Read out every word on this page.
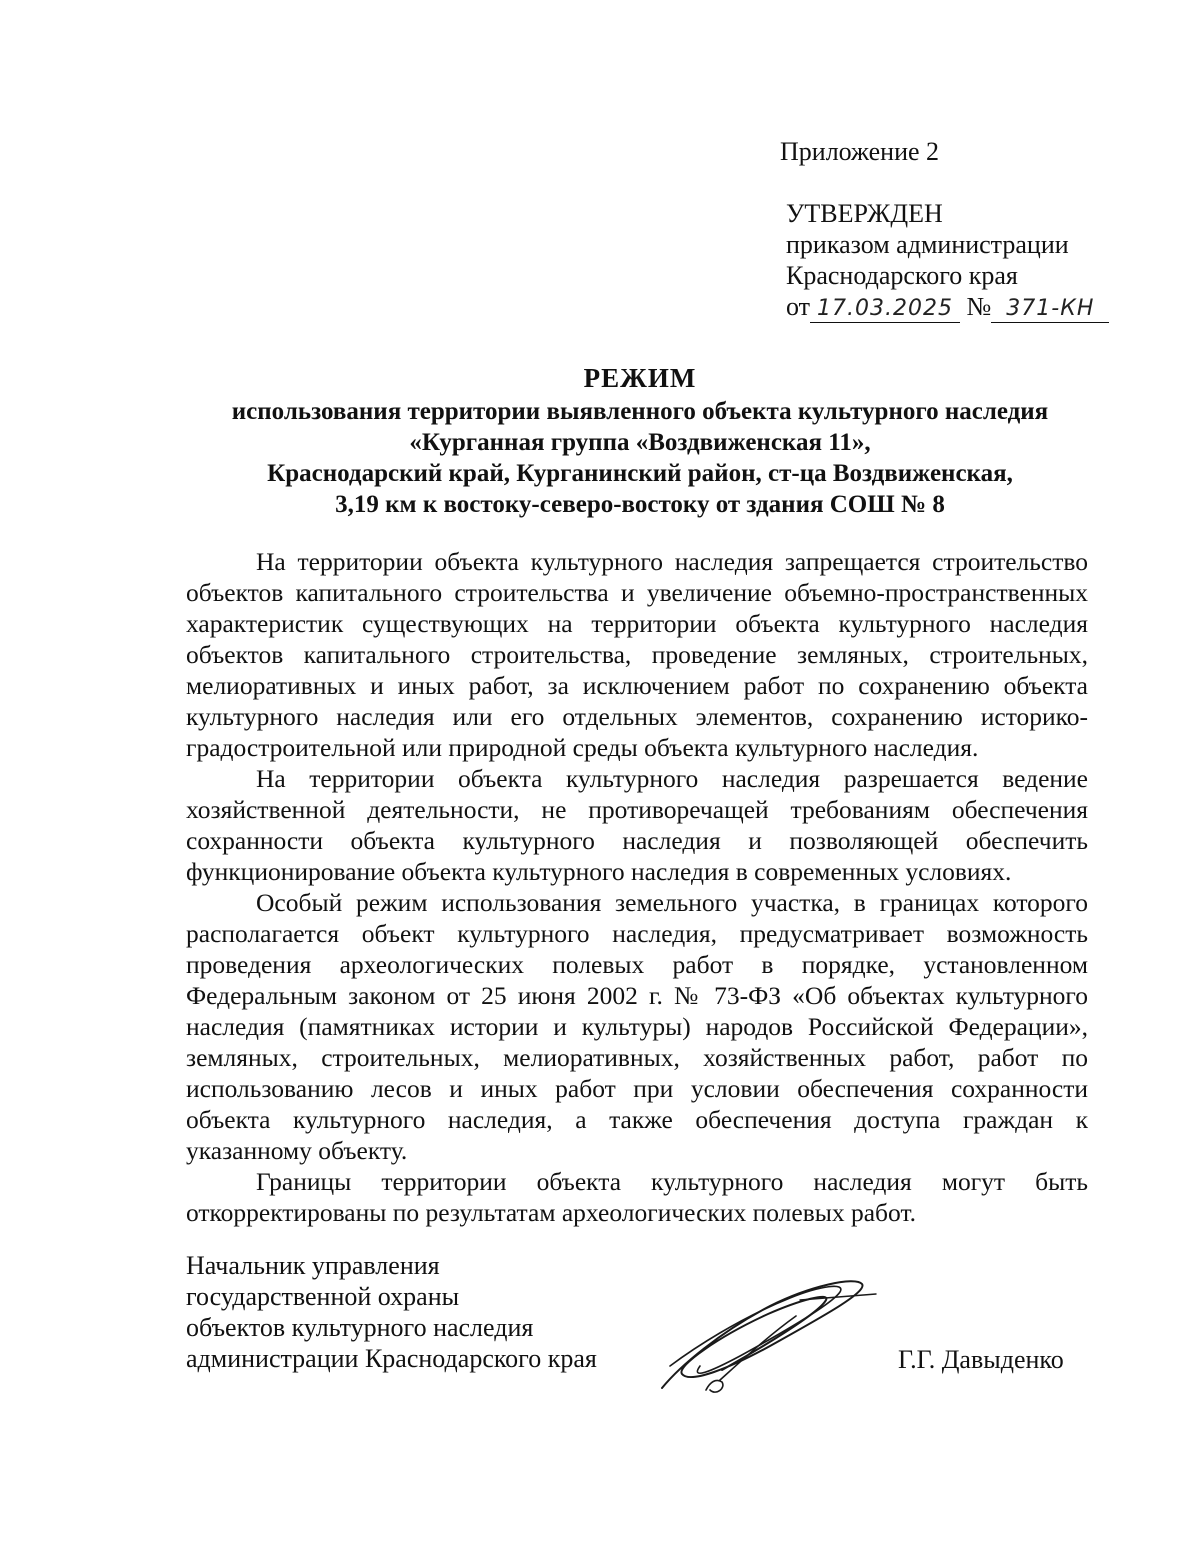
Приложение 2
УТВЕРЖДЕН
приказом администрации
Краснодарского края
от 17.03.2025 № 371-КН
РЕЖИМ
использования территории выявленного объекта культурного наследия
«Курганная группа «Воздвиженская 11»,
Краснодарский край, Курганинский район, ст-ца Воздвиженская,
3,19 км к востоку-северо-востоку от здания СОШ № 8

На территории объекта культурного наследия запрещается строительство объектов капитального строительства и увеличение объемно-пространственных характеристик существующих на территории объекта культурного наследия объектов капитального строительства, проведение земляных, строительных, мелиоративных и иных работ, за исключением работ по сохранению объекта культурного наследия или его отдельных элементов, сохранению историко-градостроительной или природной среды объекта культурного наследия.

На территории объекта культурного наследия разрешается ведение хозяйственной деятельности, не противоречащей требованиям обеспечения сохранности объекта культурного наследия и позволяющей обеспечить функционирование объекта культурного наследия в современных условиях.

Особый режим использования земельного участка, в границах которого располагается объект культурного наследия, предусматривает возможность проведения археологических полевых работ в порядке, установленном Федеральным законом от 25 июня 2002 г. № 73-ФЗ «Об объектах культурного наследия (памятниках истории и культуры) народов Российской Федерации», земляных, строительных, мелиоративных, хозяйственных работ, работ по использованию лесов и иных работ при условии обеспечения сохранности объекта культурного наследия, а также обеспечения доступа граждан к указанному объекту.

Границы территории объекта культурного наследия могут быть откорректированы по результатам археологических полевых работ.

Начальник управления
государственной охраны
объектов культурного наследия
администрации Краснодарского края	Г.Г. Давыденко
